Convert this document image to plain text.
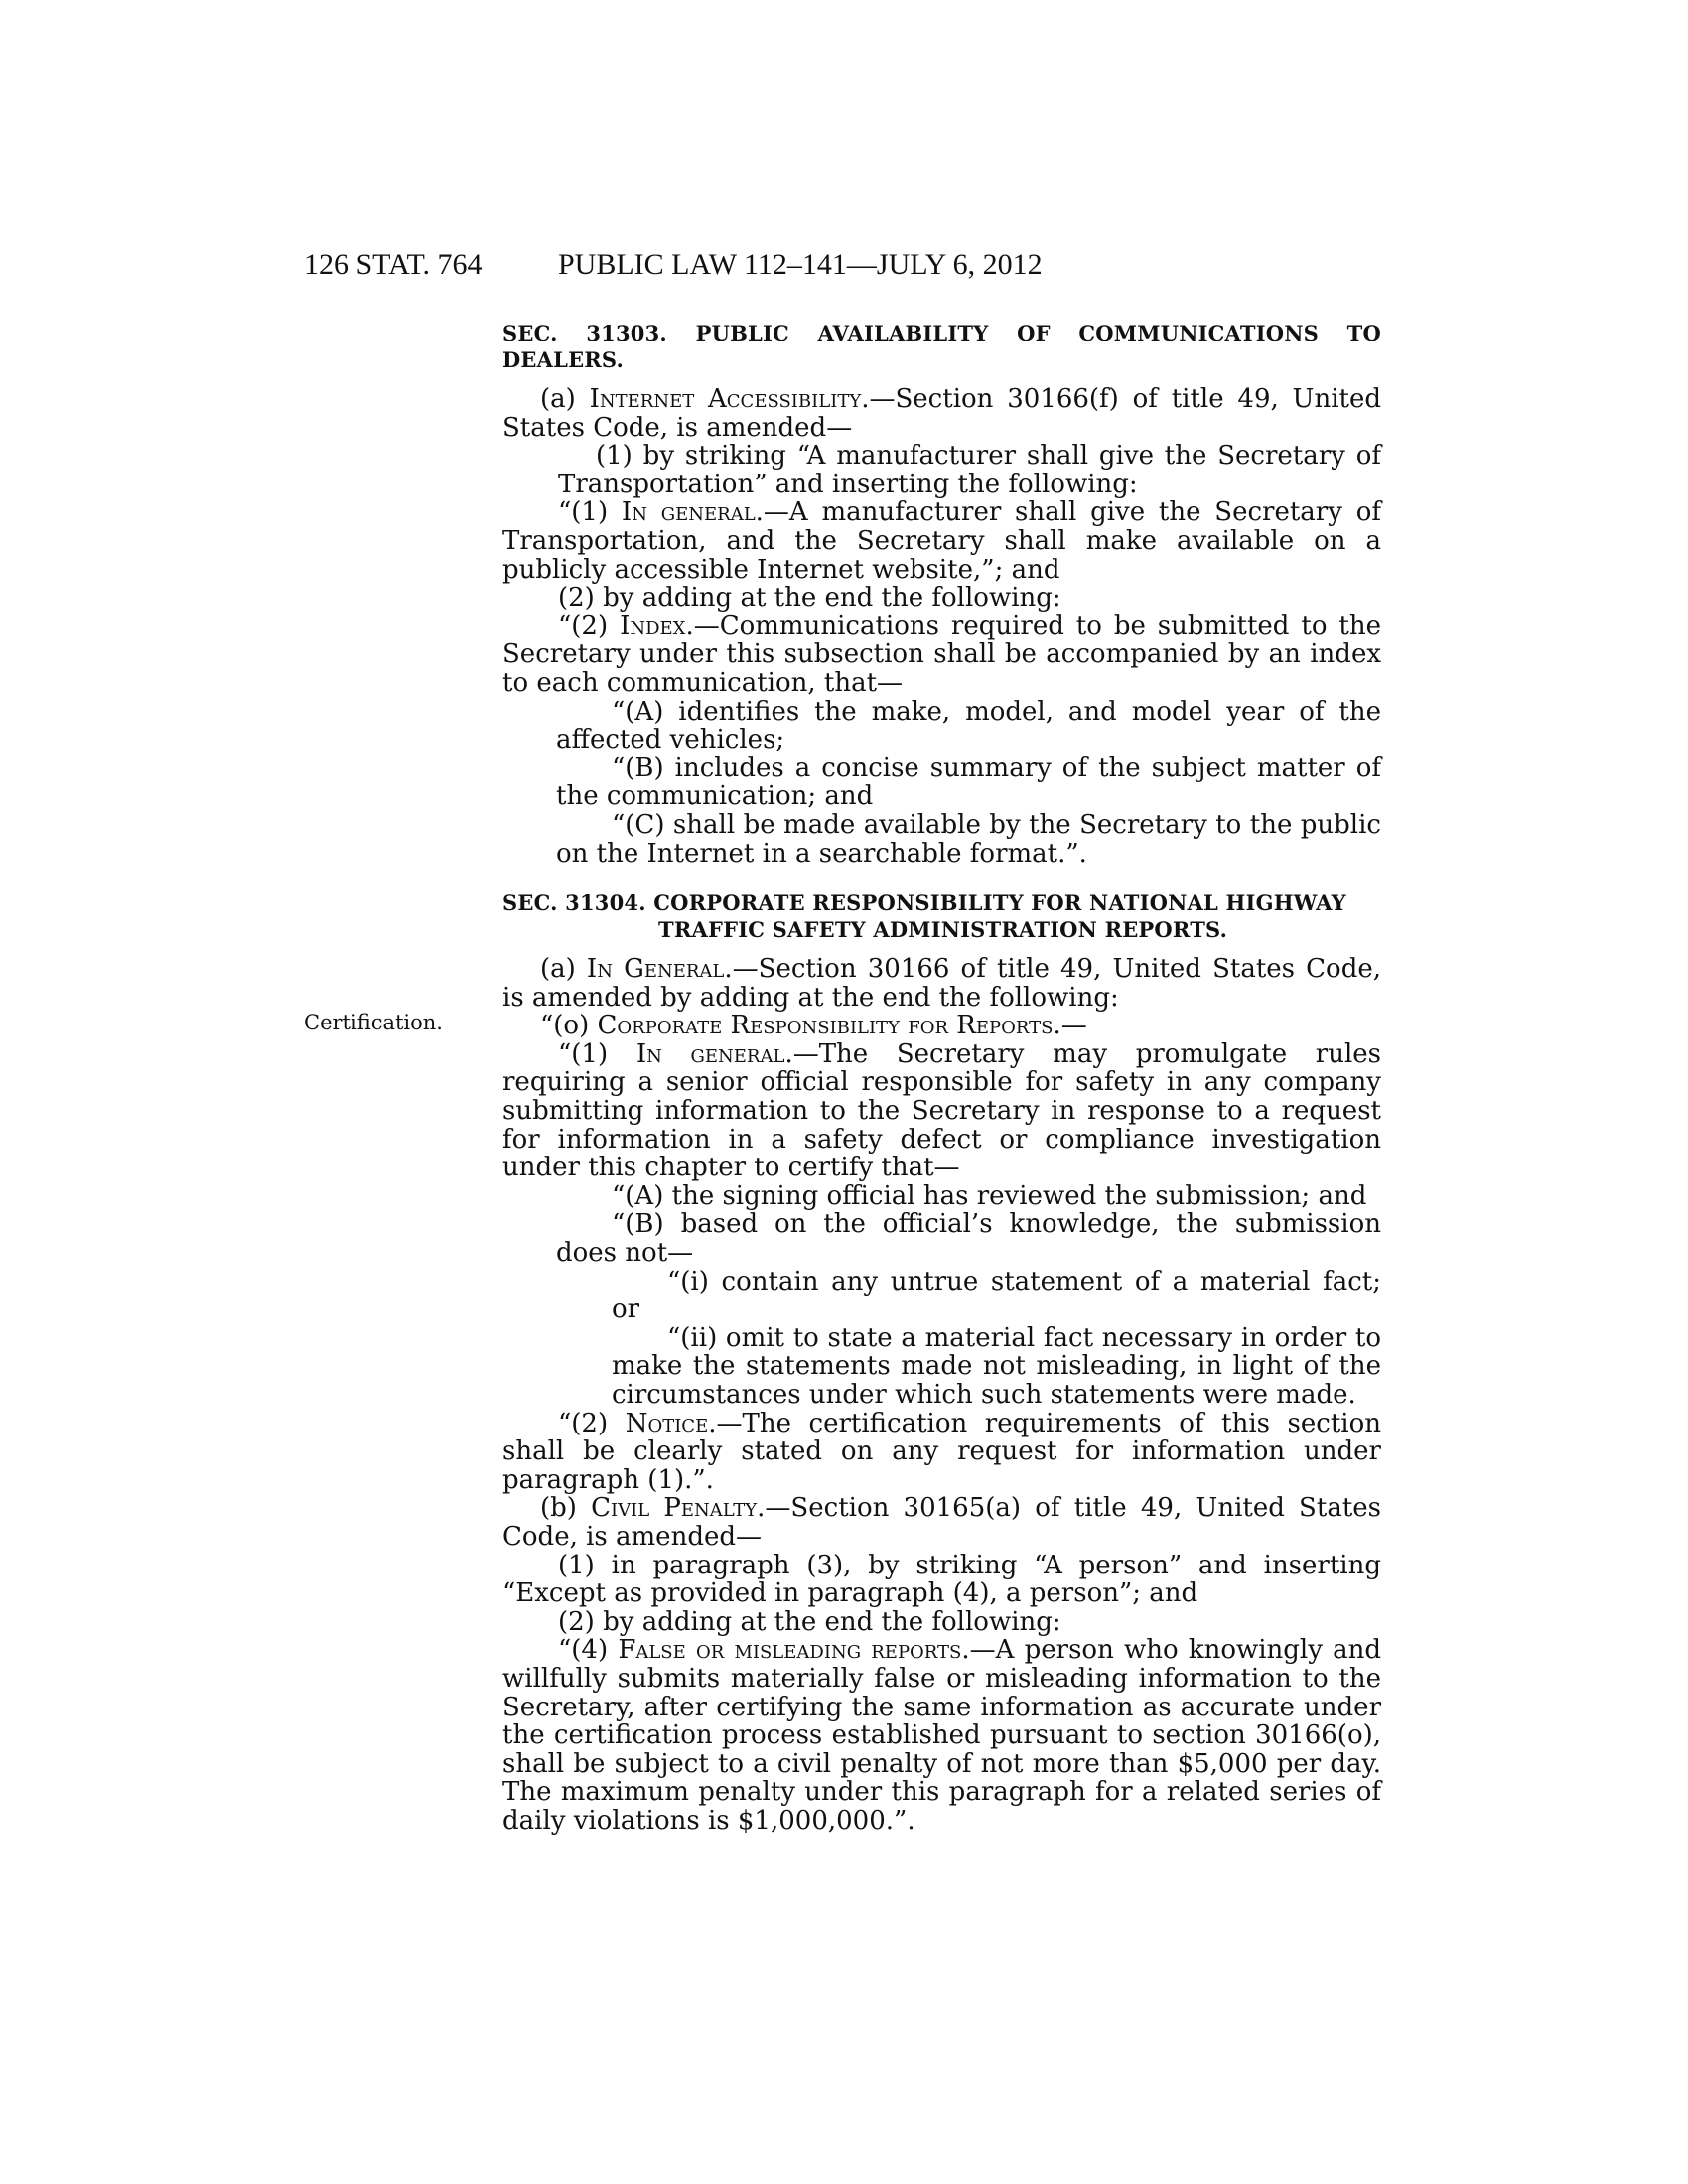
126 STAT. 764	PUBLIC LAW 112–141—JULY 6, 2012
Certification.

SEC. 31303. PUBLIC AVAILABILITY OF COMMUNICATIONS TO DEALERS.

(a) Internet Accessibility.—Section 30166(f) of title 49, United States Code, is amended—

(1) by striking “A manufacturer shall give the Secretary of Transportation” and inserting the following:

“(1) In general.—A manufacturer shall give the Secretary of Transportation, and the Secretary shall make available on a publicly accessible Internet website,”; and

(2) by adding at the end the following:

“(2) Index.—Communications required to be submitted to the Secretary under this subsection shall be accompanied by an index to each communication, that—

“(A) identifies the make, model, and model year of the affected vehicles;

“(B) includes a concise summary of the subject matter of the communication; and

“(C) shall be made available by the Secretary to the public on the Internet in a searchable format.”.

SEC. 31304. CORPORATE RESPONSIBILITY FOR NATIONAL HIGHWAY

TRAFFIC SAFETY ADMINISTRATION REPORTS.

(a) In General.—Section 30166 of title 49, United States Code, is amended by adding at the end the following:

“(o) Corporate Responsibility for Reports.—

“(1) In general.—The Secretary may promulgate rules requiring a senior official responsible for safety in any company submitting information to the Secretary in response to a request for information in a safety defect or compliance investigation under this chapter to certify that—

“(A) the signing official has reviewed the submission; and

“(B) based on the official’s knowledge, the submission does not—

“(i) contain any untrue statement of a material fact; or

“(ii) omit to state a material fact necessary in order to make the statements made not misleading, in light of the circumstances under which such statements were made.

“(2) Notice.—The certification requirements of this section shall be clearly stated on any request for information under paragraph (1).”.

(b) Civil Penalty.—Section 30165(a) of title 49, United States Code, is amended—

(1) in paragraph (3), by striking “A person” and inserting “Except as provided in paragraph (4), a person”; and

(2) by adding at the end the following:

“(4) False or misleading reports.—A person who knowingly and willfully submits materially false or misleading information to the Secretary, after certifying the same information as accurate under the certification process established pursuant to section 30166(o), shall be subject to a civil penalty of not more than $5,000 per day. The maximum penalty under this paragraph for a related series of daily violations is $1,000,000.”.
